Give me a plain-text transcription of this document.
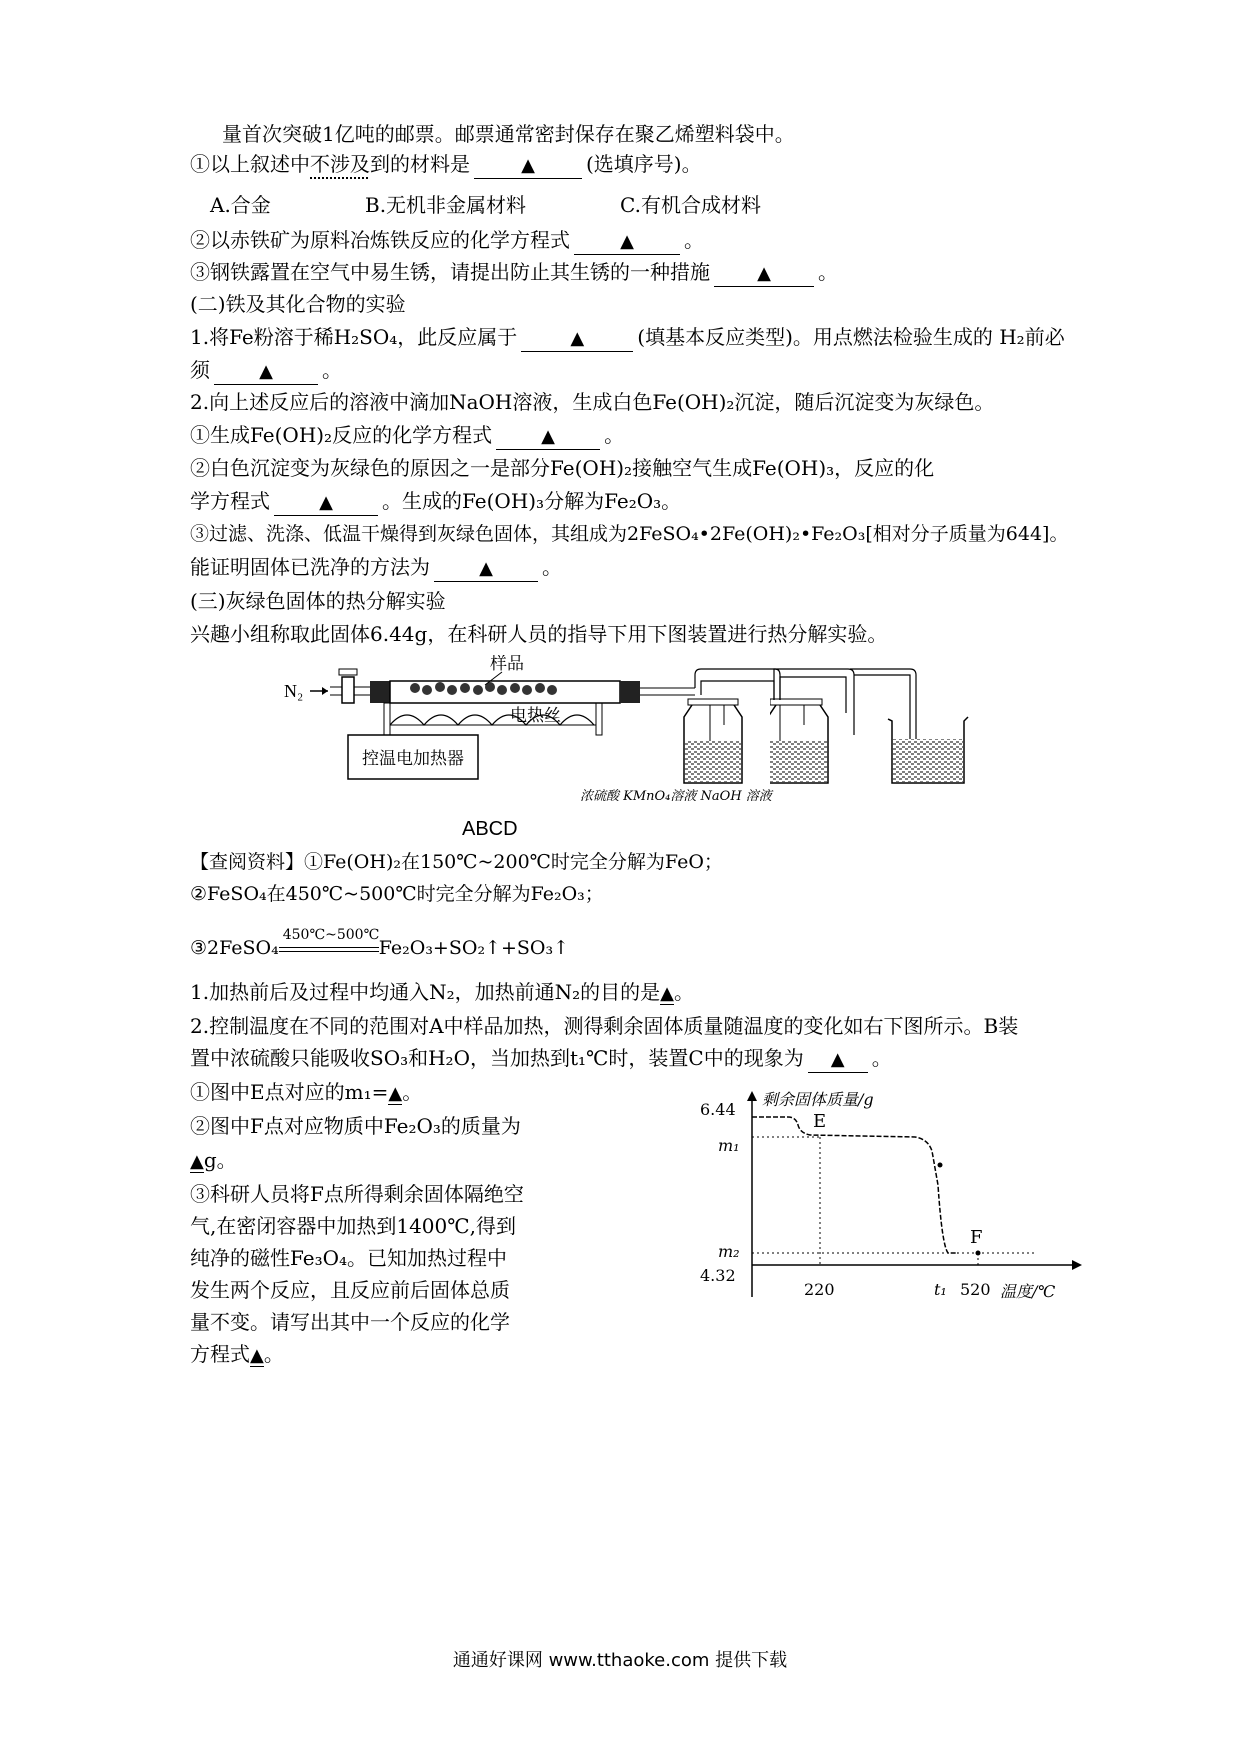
量首次突破1亿吨的邮票。邮票通常密封保存在聚乙烯塑料袋中。
①以上叙述中不涉及到的材料是	▲	(选填序号)。
A.合金	B.无机非金属材料	C.有机合成材料
②以赤铁矿为原料冶炼铁反应的化学方程式	▲	。
③钢铁露置在空气中易生锈，请提出防止其生锈的一种措施	▲ 。
(二)铁及其化合物的实验
1.将Fe粉溶于稀H₂SO₄，此反应属于	▲	(填基本反应类型)。用点燃法检验生成的 H₂前必
须	▲ 。
2.向上述反应后的溶液中滴加NaOH溶液，生成白色Fe(OH)₂沉淀，随后沉淀变为灰绿色。
①生成Fe(OH)₂反应的化学方程式	▲ 。
②白色沉淀变为灰绿色的原因之一是部分Fe(OH)₂接触空气生成Fe(OH)₃，反应的化
学方程式	▲ 。生成的Fe(OH)₃分解为Fe₂O₃。
③过滤、洗涤、低温干燥得到灰绿色固体，其组成为2FeSO₄•2Fe(OH)₂•Fe₂O₃[相对分子质量为644]。
能证明固体已洗净的方法为	▲ 。
(三)灰绿色固体的热分解实验
兴趣小组称取此固体6.44g，在科研人员的指导下用下图装置进行热分解实验。
N₂
样品
电热丝
控温电加热器
浓硫酸 KMnO₄溶液 NaOH 溶液
ABCD
【查阅资料】①Fe(OH)₂在150℃~200℃时完全分解为FeO；
②FeSO₄在450℃~500℃时完全分解为Fe₂O₃；
③2FeSO₄
450℃~500℃
Fe₂O₃+SO₂↑+SO₃↑
1.加热前后及过程中均通入N₂，加热前通N₂的目的是▲。
2.控制温度在不同的范围对A中样品加热，测得剩余固体质量随温度的变化如右下图所示。B装
置中浓硫酸只能吸收SO₃和H₂O，当加热到t₁℃时，装置C中的现象为 ▲ 。
①图中E点对应的m₁=▲。
②图中F点对应物质中Fe₂O₃的质量为
▲g。
③科研人员将F点所得剩余固体隔绝空
气,在密闭容器中加热到1400℃,得到
纯净的磁性Fe₃O₄。已知加热过程中
发生两个反应，且反应前后固体总质
量不变。请写出其中一个反应的化学
方程式▲。
剩余固体质量/g
6.44
m₁
m₂
4.32
220	t₁ 520 温度/℃
E
F
通通好课网 www.tthaoke.com 提供下载
